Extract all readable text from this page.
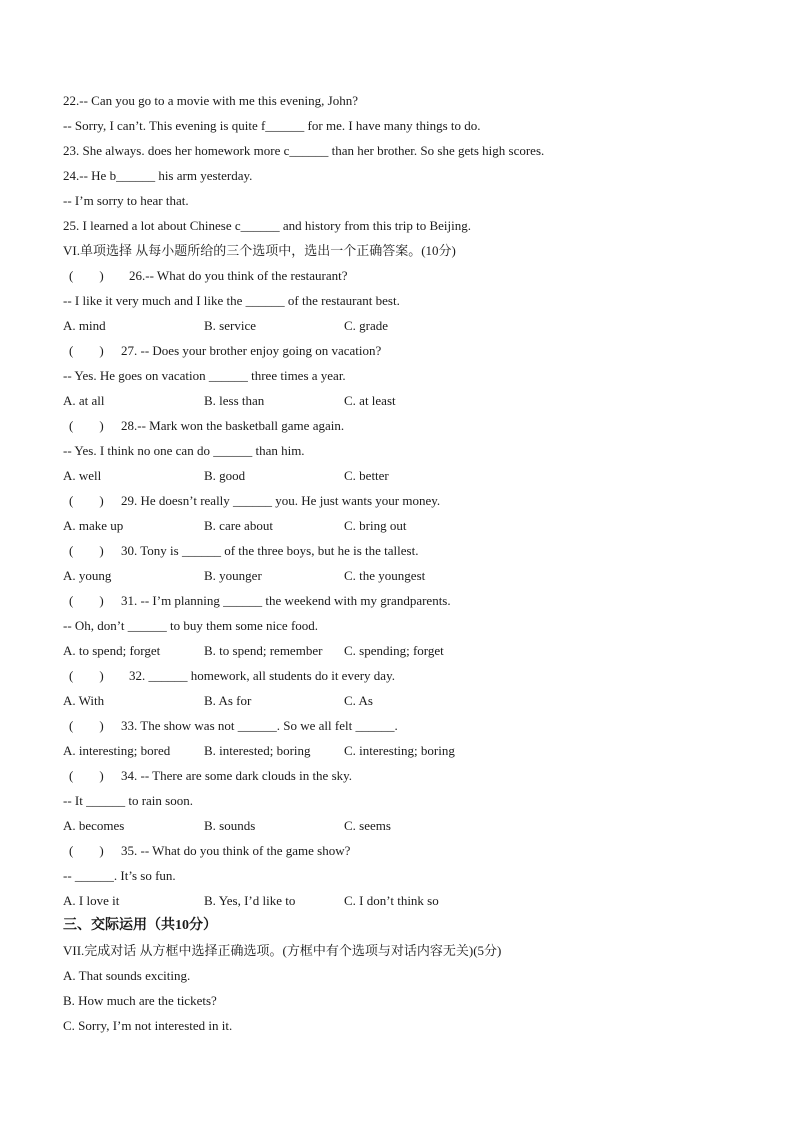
22.-- Can you go to a movie with me this evening, John?
-- Sorry, I can’t. This evening is quite f______ for me. I have many things to do.
23. She always. does her homework more c______ than her brother. So she gets high scores.
24.-- He b______ his arm yesterday.
-- I’m sorry to hear that.
25. I learned a lot about Chinese c______ and history from this trip to Beijing.
VI.单项选择 从每小题所给的三个选项中，选出一个正确答案。(10分)
(　　) 26.-- What do you think of the restaurant?
-- I like it very much and I like the ______ of the restaurant best.
A. mind	B. service	C. grade
(　　) 27. -- Does your brother enjoy going on vacation?
-- Yes. He goes on vacation ______ three times a year.
A. at all	B. less than	C. at least
(　　) 28.-- Mark won the basketball game again.
-- Yes. I think no one can do ______ than him.
A. well	B. good	C. better
(　　) 29. He doesn’t really ______ you. He just wants your money.
A. make up	B. care about	C. bring out
(　　) 30. Tony is ______ of the three boys, but he is the tallest.
A. young	B. younger	C. the youngest
(　　) 31. -- I’m planning ______ the weekend with my grandparents.
-- Oh, don’t ______ to buy them some nice food.
A. to spend; forget	B. to spend; remember C. spending; forget
(　　) 32. ______ homework, all students do it every day.
A. With	B. As for	C. As
(　　) 33. The show was not ______. So we all felt ______.
A. interesting; bored	B. interested; boring	C. interesting; boring
(　　) 34. -- There are some dark clouds in the sky.
-- It ______ to rain soon.
A. becomes	B. sounds	C. seems
(　　) 35. -- What do you think of the game show?
-- ______. It’s so fun.
A. I love it	B. Yes, I’d like to	C. I don’t think so
三、交际运用（共10分）
VII.完成对话 从方框中选择正确选项。(方框中有个选项与对话内容无关)(5分)
A. That sounds exciting.
B. How much are the tickets?
C. Sorry, I’m not interested in it.
